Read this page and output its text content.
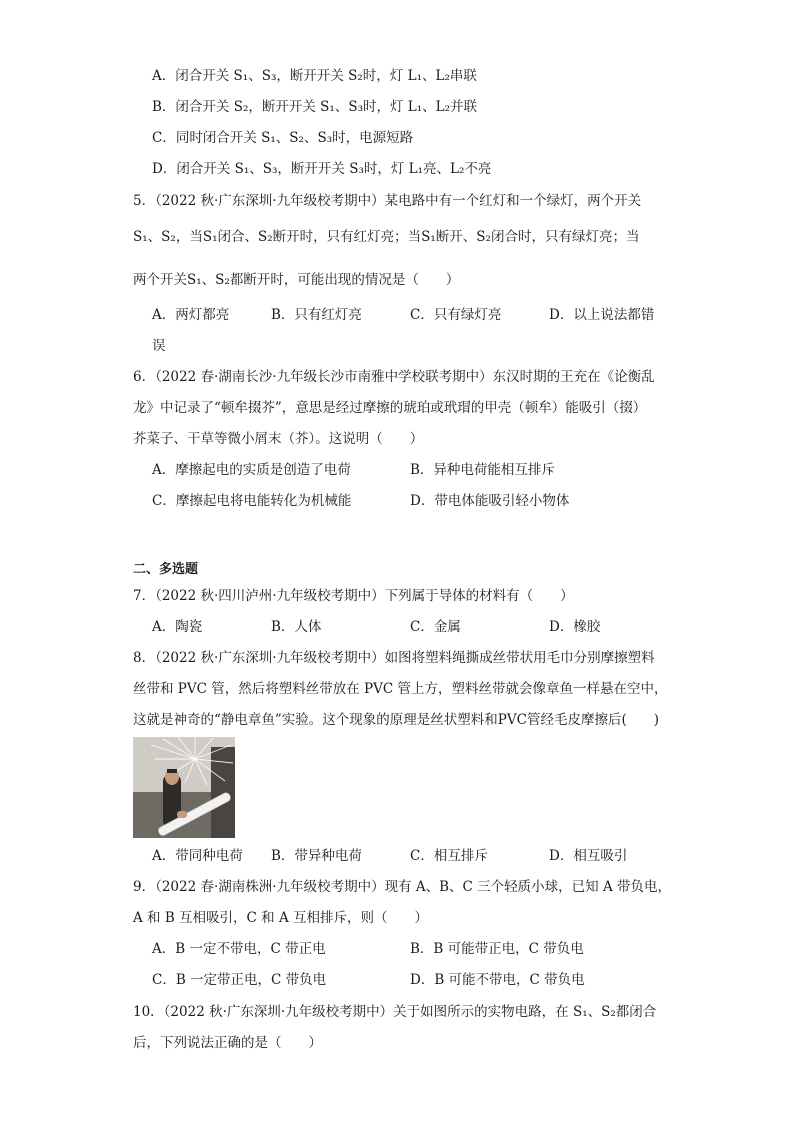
A．闭合开关 S₁、S₃，断开开关 S₂时，灯 L₁、L₂串联
B．闭合开关 S₂，断开开关 S₁、S₃时，灯 L₁、L₂并联
C．同时闭合开关 S₁、S₂、S₃时，电源短路
D．闭合开关 S₁、S₃，断开开关 S₃时，灯 L₁亮、L₂不亮
5．（2022 秋·广东深圳·九年级校考期中）某电路中有一个红灯和一个绿灯，两个开关
S₁、S₂，当S₁闭合、S₂断开时，只有红灯亮；当S₁断开、S₂闭合时，只有绿灯亮；当
两个开关S₁、S₂都断开时，可能出现的情况是（　　）
A．两灯都亮	B．只有红灯亮	C．只有绿灯亮	D．以上说法都错
误
6．（2022 春·湖南长沙·九年级长沙市南雅中学校联考期中）东汉时期的王充在《论衡乱
龙》中记录了“顿牟掇芥”，意思是经过摩擦的琥珀或玳瑁的甲壳（顿牟）能吸引（掇）
芥菜子、干草等微小屑末（芥）。这说明（　　）
A．摩擦起电的实质是创造了电荷	B．异种电荷能相互排斥
C．摩擦起电将电能转化为机械能	D．带电体能吸引轻小物体
二、多选题
7．（2022 秋·四川泸州·九年级校考期中）下列属于导体的材料有（　　）
A．陶瓷	B．人体	C．金属	D．橡胶
8．（2022 秋·广东深圳·九年级校考期中）如图将塑料绳撕成丝带状用毛巾分别摩擦塑料
丝带和 PVC 管，然后将塑料丝带放在 PVC 管上方，塑料丝带就会像章鱼一样悬在空中，
这就是神奇的“静电章鱼”实验。这个现象的原理是丝状塑料和PVC管经毛皮摩擦后(　　)
A．带同种电荷 B．带异种电荷	C．相互排斥	D．相互吸引
9．（2022 春·湖南株洲·九年级校考期中）现有 A、B、C 三个轻质小球，已知 A 带负电，
A 和 B 互相吸引，C 和 A 互相排斥，则（　　）
A．B 一定不带电，C 带正电	B．B 可能带正电，C 带负电
C．B 一定带正电，C 带负电	D．B 可能不带电，C 带负电
10．（2022 秋·广东深圳·九年级校考期中）关于如图所示的实物电路，在 S₁、S₂都闭合
后，下列说法正确的是（　　）
